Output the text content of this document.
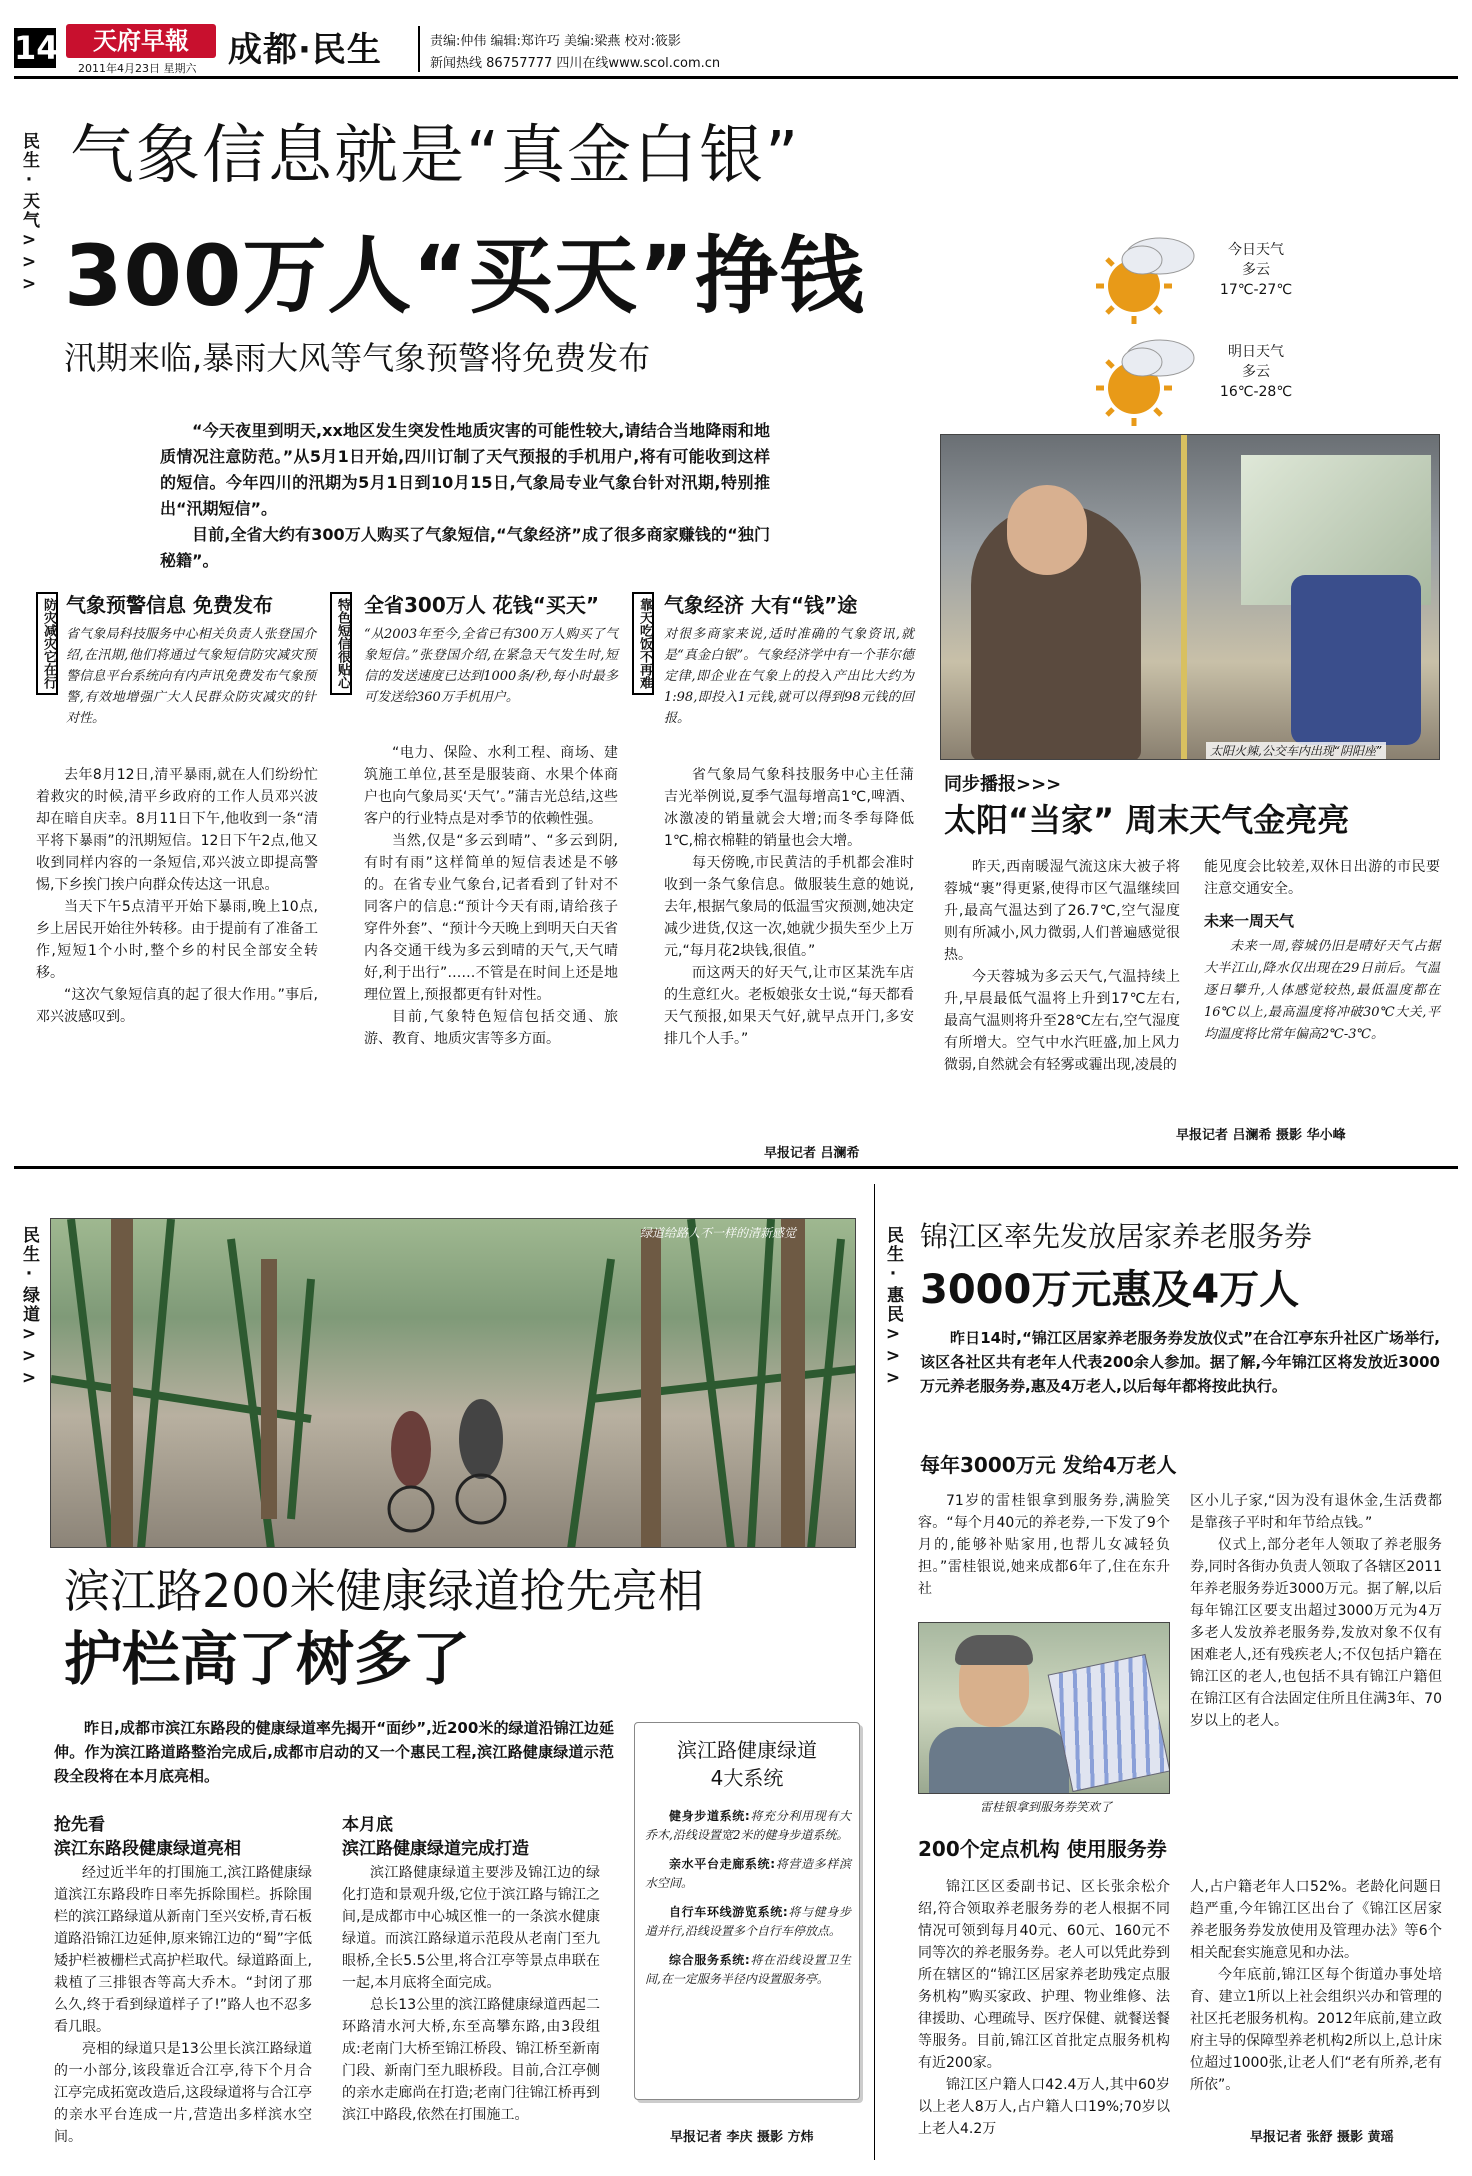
14	天府早報
2011年4月23日 星期六 成都·民生	责编:仲伟 编辑:郑许巧 美编:梁燕 校对:筱影
新闻热线 86757777 四川在线www.scol.com.cn
民生·天气>>> 气象信息就是“真金白银”
300万人“买天”挣钱
汛期来临,暴雨大风等气象预警将免费发布
今日天气
多云
17℃-27℃
明日天气
多云
16℃-28℃

“今天夜里到明天,xx地区发生突发性地质灾害的可能性较大,请结合当地降雨和地质情况注意防范。”从5月1日开始,四川订制了天气预报的手机用户,将有可能收到这样的短信。今年四川的汛期为5月1日到10月15日,气象局专业气象台针对汛期,特别推出“汛期短信”。

目前,全省大约有300万人购买了气象短信,“气象经济”成了很多商家赚钱的“独门秘籍”。

防灾减灾它在行 气象预警信息 免费发布
省气象局科技服务中心相关负责人张登国介绍,在汛期,他们将通过气象短信防灾减灾预警信息平台系统向有内声讯免费发布气象预警,有效地增强广大人民群众防灾减灾的针对性。

去年8月12日,清平暴雨,就在人们纷纷忙着救灾的时候,清平乡政府的工作人员邓兴波却在暗自庆幸。8月11日下午,他收到一条“清平将下暴雨”的汛期短信。12日下午2点,他又收到同样内容的一条短信,邓兴波立即提高警惕,下乡挨门挨户向群众传达这一讯息。

当天下午5点清平开始下暴雨,晚上10点,乡上居民开始往外转移。由于提前有了准备工作,短短1个小时,整个乡的村民全部安全转移。

“这次气象短信真的起了很大作用。”事后,邓兴波感叹到。

特色短信很贴心 全省300万人 花钱“买天”
“从2003年至今,全省已有300万人购买了气象短信。”张登国介绍,在紧急天气发生时,短信的发送速度已达到1000条/秒,每小时最多可发送给360万手机用户。

“电力、保险、水利工程、商场、建筑施工单位,甚至是服装商、水果个体商户也向气象局买‘天气’。”蒲吉光总结,这些客户的行业特点是对季节的依赖性强。

当然,仅是“多云到晴”、“多云到阴,有时有雨”这样简单的短信表述是不够的。在省专业气象台,记者看到了针对不同客户的信息:“预计今天有雨,请给孩子穿件外套”、“预计今天晚上到明天白天省内各交通干线为多云到晴的天气,天气晴好,利于出行”……不管是在时间上还是地理位置上,预报都更有针对性。

目前,气象特色短信包括交通、旅游、教育、地质灾害等多方面。

靠天吃饭不再难 气象经济 大有“钱”途
对很多商家来说,适时准确的气象资讯,就是“真金白银”。气象经济学中有一个菲尔德定律,即企业在气象上的投入产出比大约为1:98,即投入1元钱,就可以得到98元钱的回报。

省气象局气象科技服务中心主任蒲吉光举例说,夏季气温每增高1℃,啤酒、冰激凌的销量就会大增;而冬季每降低1℃,棉衣棉鞋的销量也会大增。

每天傍晚,市民黄洁的手机都会准时收到一条气象信息。做服装生意的她说,去年,根据气象局的低温雪灾预测,她决定减少进货,仅这一次,她就少损失至少上万元,“每月花2块钱,很值。”

而这两天的好天气,让市区某洗车店的生意红火。老板娘张女士说,“每天都看天气预报,如果天气好,就早点开门,多安排几个人手。”

早报记者 吕澜希
太阳火辣,公交车内出现“阴阳座”
同步播报>>>
太阳“当家” 周末天气金亮亮

昨天,西南暖湿气流这床大被子将蓉城“裹”得更紧,使得市区气温继续回升,最高气温达到了26.7℃,空气湿度则有所减小,风力微弱,人们普遍感觉很热。

今天蓉城为多云天气,气温持续上升,早晨最低气温将上升到17℃左右,最高气温则将升至28℃左右,空气湿度有所增大。空气中水汽旺盛,加上风力微弱,自然就会有轻雾或霾出现,凌晨的

能见度会比较差,双休日出游的市民要注意交通安全。

未来一周天气
未来一周,蓉城仍旧是晴好天气占据大半江山,降水仅出现在29日前后。气温逐日攀升,人体感觉较热,最低温度都在16℃以上,最高温度将冲破30℃大关,平均温度将比常年偏高2℃-3℃。
早报记者 吕澜希 摄影 华小峰
民生·绿道>>>	绿道给路人不一样的清新感觉
滨江路200米健康绿道抢先亮相
护栏高了树多了
昨日,成都市滨江东路段的健康绿道率先揭开“面纱”,近200米的绿道沿锦江边延伸。作为滨江路道路整治完成后,成都市启动的又一个惠民工程,滨江路健康绿道示范段全段将在本月底亮相。
抢先看
滨江东路段健康绿道亮相

经过近半年的打围施工,滨江路健康绿道滨江东路段昨日率先拆除围栏。拆除围栏的滨江路绿道从新南门至兴安桥,青石板道路沿锦江边延伸,原来锦江边的“蜀”字低矮护栏被栅栏式高护栏取代。绿道路面上,栽植了三排银杏等高大乔木。“封闭了那么久,终于看到绿道样子了!”路人也不忍多看几眼。

亮相的绿道只是13公里长滨江路绿道的一小部分,该段靠近合江亭,待下个月合江亭完成拓宽改造后,这段绿道将与合江亭的亲水平台连成一片,营造出多样滨水空间。

本月底
滨江路健康绿道完成打造

滨江路健康绿道主要涉及锦江边的绿化打造和景观升级,它位于滨江路与锦江之间,是成都市中心城区惟一的一条滨水健康绿道。而滨江路绿道示范段从老南门至九眼桥,全长5.5公里,将合江亭等景点串联在一起,本月底将全面完成。

总长13公里的滨江路健康绿道西起二环路清水河大桥,东至高攀东路,由3段组成:老南门大桥至锦江桥段、锦江桥至新南门段、新南门至九眼桥段。目前,合江亭侧的亲水走廊尚在打造;老南门往锦江桥再到滨江中路段,依然在打围施工。

滨江路健康绿道
4大系统
健身步道系统:将充分利用现有大乔木,沿线设置宽2米的健身步道系统。
亲水平台走廊系统:将营造多样滨水空间。
自行车环线游览系统:将与健身步道并行,沿线设置多个自行车停放点。
综合服务系统:将在沿线设置卫生间,在一定服务半径内设置服务亭。
早报记者 李庆 摄影 方炜
民生·惠民>>> 锦江区率先发放居家养老服务券
3000万元惠及4万人
昨日14时,“锦江区居家养老服务券发放仪式”在合江亭东升社区广场举行,该区各社区共有老年人代表200余人参加。据了解,今年锦江区将发放近3000万元养老服务券,惠及4万老人,以后每年都将按此执行。
每年3000万元 发给4万老人

71岁的雷桂银拿到服务券,满脸笑容。“每个月40元的养老券,一下发了9个月的,能够补贴家用,也帮儿女减轻负担。”雷桂银说,她来成都6年了,住在东升社

雷桂银拿到服务券笑欢了

区小儿子家,“因为没有退休金,生活费都是靠孩子平时和年节给点钱。”

仪式上,部分老年人领取了养老服务券,同时各街办负责人领取了各辖区2011年养老服务券近3000万元。据了解,以后每年锦江区要支出超过3000万元为4万多老人发放养老服务券,发放对象不仅有困难老人,还有残疾老人;不仅包括户籍在锦江区的老人,也包括不具有锦江户籍但在锦江区有合法固定住所且住满3年、70岁以上的老人。

200个定点机构 使用服务券

锦江区区委副书记、区长张余松介绍,符合领取养老服务券的老人根据不同情况可领到每月40元、60元、160元不同等次的养老服务券。老人可以凭此券到所在辖区的“锦江区居家养老助残定点服务机构”购买家政、护理、物业维修、法律援助、心理疏导、医疗保健、就餐送餐等服务。目前,锦江区首批定点服务机构有近200家。

锦江区户籍人口42.4万人,其中60岁以上老人8万人,占户籍人口19%;70岁以上老人4.2万

人,占户籍老年人口52%。老龄化问题日趋严重,今年锦江区出台了《锦江区居家养老服务券发放使用及管理办法》等6个相关配套实施意见和办法。

今年底前,锦江区每个街道办事处培育、建立1所以上社会组织兴办和管理的社区托老服务机构。2012年底前,建立政府主导的保障型养老机构2所以上,总计床位超过1000张,让老人们“老有所养,老有所依”。

早报记者 张舒 摄影 黄瑶
